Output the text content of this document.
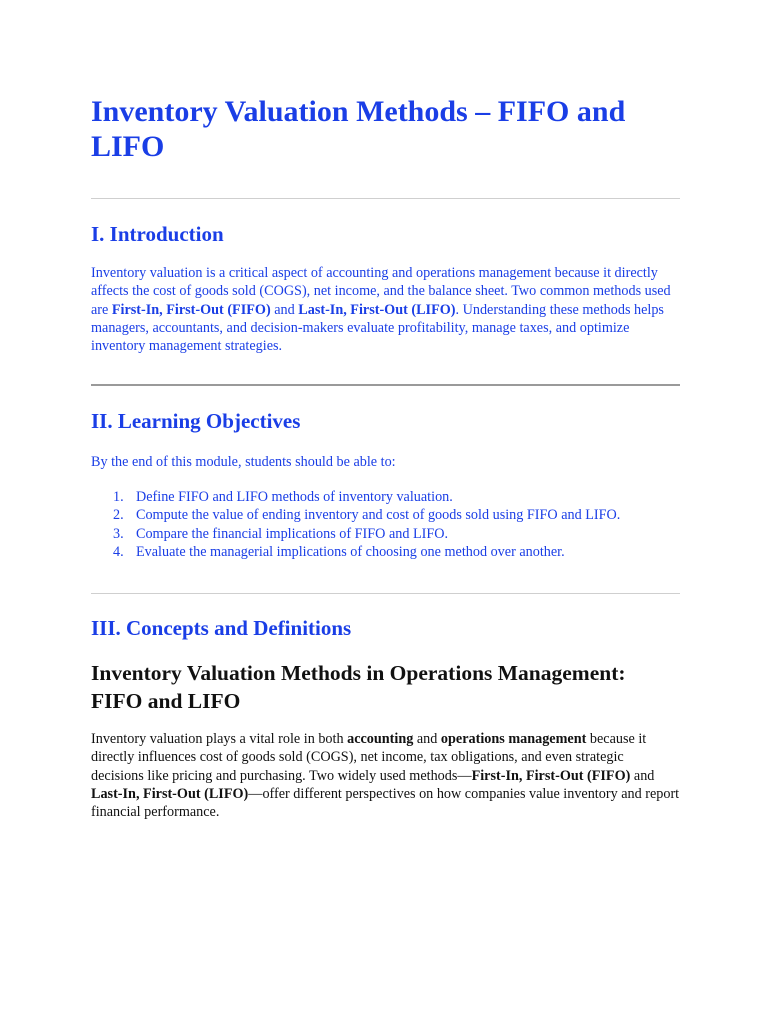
Inventory Valuation Methods – FIFO and LIFO
I. Introduction

Inventory valuation is a critical aspect of accounting and operations management because it directly affects the cost of goods sold (COGS), net income, and the balance sheet. Two common methods used are First-In, First-Out (FIFO) and Last-In, First-Out (LIFO). Understanding these methods helps managers, accountants, and decision-makers evaluate profitability, manage taxes, and optimize inventory management strategies.

II. Learning Objectives

By the end of this module, students should be able to:

1. Define FIFO and LIFO methods of inventory valuation.
2. Compute the value of ending inventory and cost of goods sold using FIFO and LIFO.
3. Compare the financial implications of FIFO and LIFO.
4. Evaluate the managerial implications of choosing one method over another.
III. Concepts and Definitions
Inventory Valuation Methods in Operations Management: FIFO and LIFO

Inventory valuation plays a vital role in both accounting and operations management because it directly influences cost of goods sold (COGS), net income, tax obligations, and even strategic decisions like pricing and purchasing. Two widely used methods—First-In, First-Out (FIFO) and Last-In, First-Out (LIFO)—offer different perspectives on how companies value inventory and report financial performance.
